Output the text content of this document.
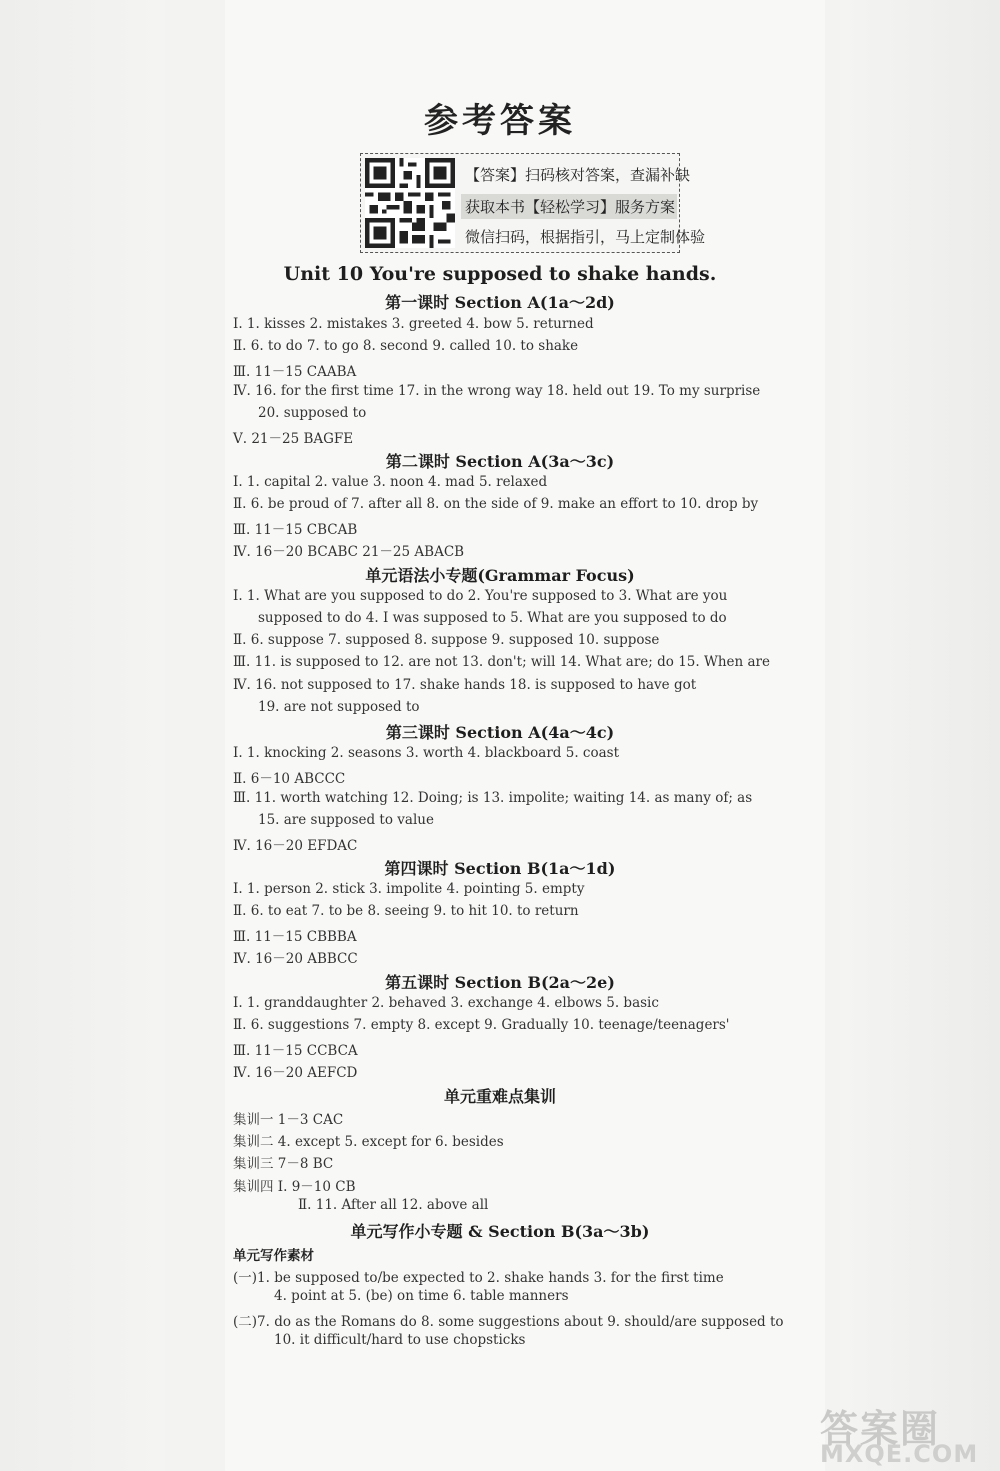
参考答案
【答案】扫码核对答案，查漏补缺
获取本书【轻松学习】服务方案
微信扫码，根据指引，马上定制体验
Unit 10 You're supposed to shake hands.
第一课时 Section A(1a～2d)
Ⅰ. 1. kisses 2. mistakes 3. greeted 4. bow 5. returned
Ⅱ. 6. to do 7. to go 8. second 9. called 10. to shake
Ⅲ. 11－15 CAABA
Ⅳ. 16. for the first time 17. in the wrong way 18. held out 19. To my surprise
20. supposed to
Ⅴ. 21－25 BAGFE
第二课时 Section A(3a～3c)
Ⅰ. 1. capital 2. value 3. noon 4. mad 5. relaxed
Ⅱ. 6. be proud of 7. after all 8. on the side of 9. make an effort to 10. drop by
Ⅲ. 11－15 CBCAB
Ⅳ. 16－20 BCABC 21－25 ABACB
单元语法小专题(Grammar Focus)
Ⅰ. 1. What are you supposed to do 2. You're supposed to 3. What are you
supposed to do 4. I was supposed to 5. What are you supposed to do
Ⅱ. 6. suppose 7. supposed 8. suppose 9. supposed 10. suppose
Ⅲ. 11. is supposed to 12. are not 13. don't; will 14. What are; do 15. When are
Ⅳ. 16. not supposed to 17. shake hands 18. is supposed to have got
19. are not supposed to
第三课时 Section A(4a～4c)
Ⅰ. 1. knocking 2. seasons 3. worth 4. blackboard 5. coast
Ⅱ. 6－10 ABCCC
Ⅲ. 11. worth watching 12. Doing; is 13. impolite; waiting 14. as many of; as
15. are supposed to value
Ⅳ. 16－20 EFDAC
第四课时 Section B(1a～1d)
Ⅰ. 1. person 2. stick 3. impolite 4. pointing 5. empty
Ⅱ. 6. to eat 7. to be 8. seeing 9. to hit 10. to return
Ⅲ. 11－15 CBBBA
Ⅳ. 16－20 ABBCC
第五课时 Section B(2a～2e)
Ⅰ. 1. granddaughter 2. behaved 3. exchange 4. elbows 5. basic
Ⅱ. 6. suggestions 7. empty 8. except 9. Gradually 10. teenage/teenagers'
Ⅲ. 11－15 CCBCA
Ⅳ. 16－20 AEFCD
单元重难点集训
集训一 1－3 CAC
集训二 4. except 5. except for 6. besides
集训三 7－8 BC
集训四 Ⅰ. 9－10 CB
Ⅱ. 11. After all 12. above all
单元写作小专题 & Section B(3a～3b)
单元写作素材
(一)1. be supposed to/be expected to 2. shake hands 3. for the first time
4. point at 5. (be) on time 6. table manners
(二)7. do as the Romans do 8. some suggestions about 9. should/are supposed to
10. it difficult/hard to use chopsticks
答案圈
MXQE.COM
